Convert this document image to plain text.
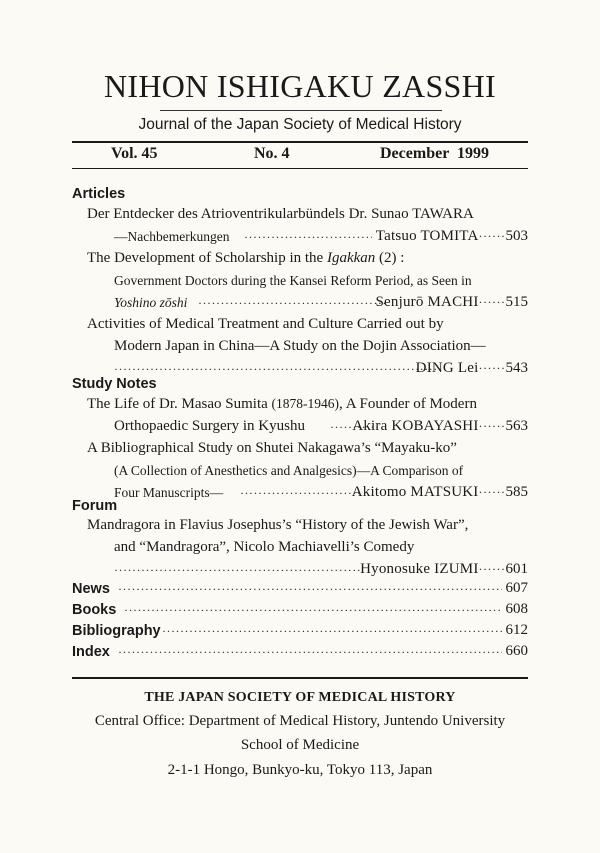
NIHON ISHIGAKU ZASSHI
Journal of the Japan Society of Medical History
Vol. 45	No. 4	December  1999
Articles
Der Entdecker des Atrioventrikularbündels Dr. Sunao TAWARA
—Nachbemerkungen ·····	Tatsuo TOMITA······503
The Development of Scholarship in the Igakkan (2) :
Government Doctors during the Kansei Reform Period, as Seen in
Yoshino zōshi ·····	Senjurō MACHI······515
Activities of Medical Treatment and Culture Carried out by
Modern Japan in China—A Study on the Dojin Association—
·····
DING Lei······543
Study Notes
The Life of Dr. Masao Sumita (1878-1946), A Founder of Modern
Orthopaedic Surgery in Kyushu ·····	Akira KOBAYASHI······563
A Bibliographical Study on Shutei Nakagawa’s “Mayaku-ko”
(A Collection of Anesthetics and Analgesics)—A Comparison of
Four Manuscripts— ·····	Akitomo MATSUKI······585
Forum
Mandragora in Flavius Josephus’s “History of the Jewish War”,
and “Mandragora”, Nicolo Machiavelli’s Comedy
·····
Hyonosuke IZUMI······601
News ·····	607
Books ·····	608
Bibliography ·····	612
Index ·····	660
THE JAPAN SOCIETY OF MEDICAL HISTORY
Central Office: Department of Medical History, Juntendo University
School of Medicine
2-1-1 Hongo, Bunkyo-ku, Tokyo 113, Japan
